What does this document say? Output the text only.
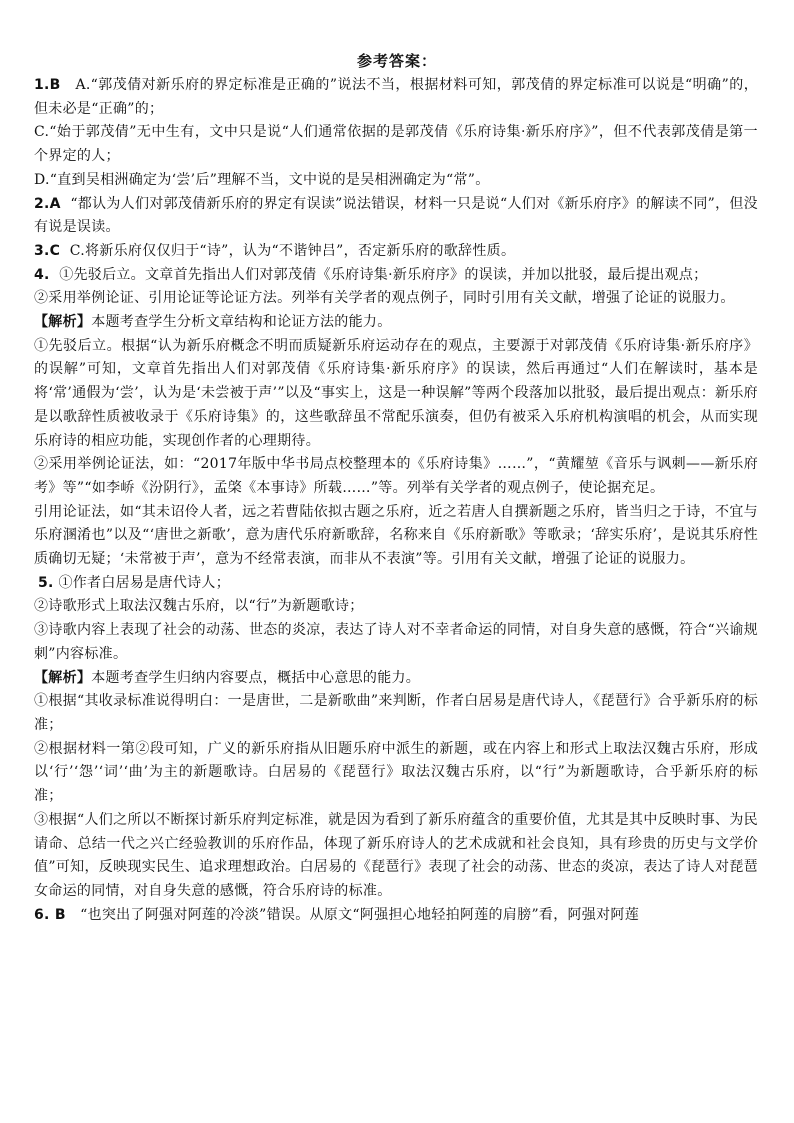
参考答案：

1.B A.“郭茂倩对新乐府的界定标准是正确的”说法不当，根据材料可知，郭茂倩的界定标准可以说是“明确”的，但未必是“正确”的；

C.“始于郭茂倩”无中生有，文中只是说“人们通常依据的是郭茂倩《乐府诗集·新乐府序》”，但不代表郭茂倩是第一个界定的人；

D.“直到吴相洲确定为‘尝’后”理解不当，文中说的是吴相洲确定为“常”。

2.A “都认为人们对郭茂倩新乐府的界定有误读”说法错误，材料一只是说“人们对《新乐府序》的解读不同”，但没有说是误读。

3.C C.将新乐府仅仅归于“诗”，认为“不谐钟吕”，否定新乐府的歌辞性质。

4. ①先驳后立。文章首先指出人们对郭茂倩《乐府诗集·新乐府序》的误读，并加以批驳，最后提出观点；

②采用举例论证、引用论证等论证方法。列举有关学者的观点例子，同时引用有关文献，增强了论证的说服力。

【解析】本题考查学生分析文章结构和论证方法的能力。

①先驳后立。根据“认为新乐府概念不明而质疑新乐府运动存在的观点，主要源于对郭茂倩《乐府诗集·新乐府序》的误解”可知，文章首先指出人们对郭茂倩《乐府诗集·新乐府序》的误读，然后再通过“人们在解读时，基本是将‘常’通假为‘尝’，认为是‘未尝被于声’”以及“事实上，这是一种误解”等两个段落加以批驳，最后提出观点：新乐府是以歌辞性质被收录于《乐府诗集》的，这些歌辞虽不常配乐演奏，但仍有被采入乐府机构演唱的机会，从而实现乐府诗的相应功能，实现创作者的心理期待。

②采用举例论证法，如：“2017年版中华书局点校整理本的《乐府诗集》……”，“黄耀堃《音乐与讽刺——新乐府考》等”“如李峤《汾阴行》，孟棨《本事诗》所载……”等。列举有关学者的观点例子，使论据充足。

引用论证法，如“其未诏伶人者，远之若曹陆依拟古题之乐府，近之若唐人自撰新题之乐府，皆当归之于诗，不宜与乐府溷淆也”以及“‘唐世之新歌’，意为唐代乐府新歌辞，名称来自《乐府新歌》等歌录；‘辞实乐府’，是说其乐府性质确切无疑；‘未常被于声’，意为不经常表演，而非从不表演”等。引用有关文献，增强了论证的说服力。

5. ①作者白居易是唐代诗人；

②诗歌形式上取法汉魏古乐府，以“行”为新题歌诗；

③诗歌内容上表现了社会的动荡、世态的炎凉，表达了诗人对不幸者命运的同情，对自身失意的感慨，符合“兴谕规刺”内容标准。

【解析】本题考查学生归纳内容要点，概括中心意思的能力。

①根据“其收录标准说得明白：一是唐世，二是新歌曲”来判断，作者白居易是唐代诗人，《琵琶行》合乎新乐府的标准；

②根据材料一第②段可知，广义的新乐府指从旧题乐府中派生的新题，或在内容上和形式上取法汉魏古乐府，形成以‘行’‘怨’‘词’‘曲’为主的新题歌诗。白居易的《琵琶行》取法汉魏古乐府，以“行”为新题歌诗，合乎新乐府的标准；

③根据“人们之所以不断探讨新乐府判定标准，就是因为看到了新乐府蕴含的重要价值，尤其是其中反映时事、为民请命、总结一代之兴亡经验教训的乐府作品，体现了新乐府诗人的艺术成就和社会良知，具有珍贵的历史与文学价值”可知，反映现实民生、追求理想政治。白居易的《琵琶行》表现了社会的动荡、世态的炎凉，表达了诗人对琵琶女命运的同情，对自身失意的感慨，符合乐府诗的标准。

6. B “也突出了阿强对阿莲的冷淡”错误。从原文“阿强担心地轻拍阿莲的肩膀”看，阿强对阿莲
